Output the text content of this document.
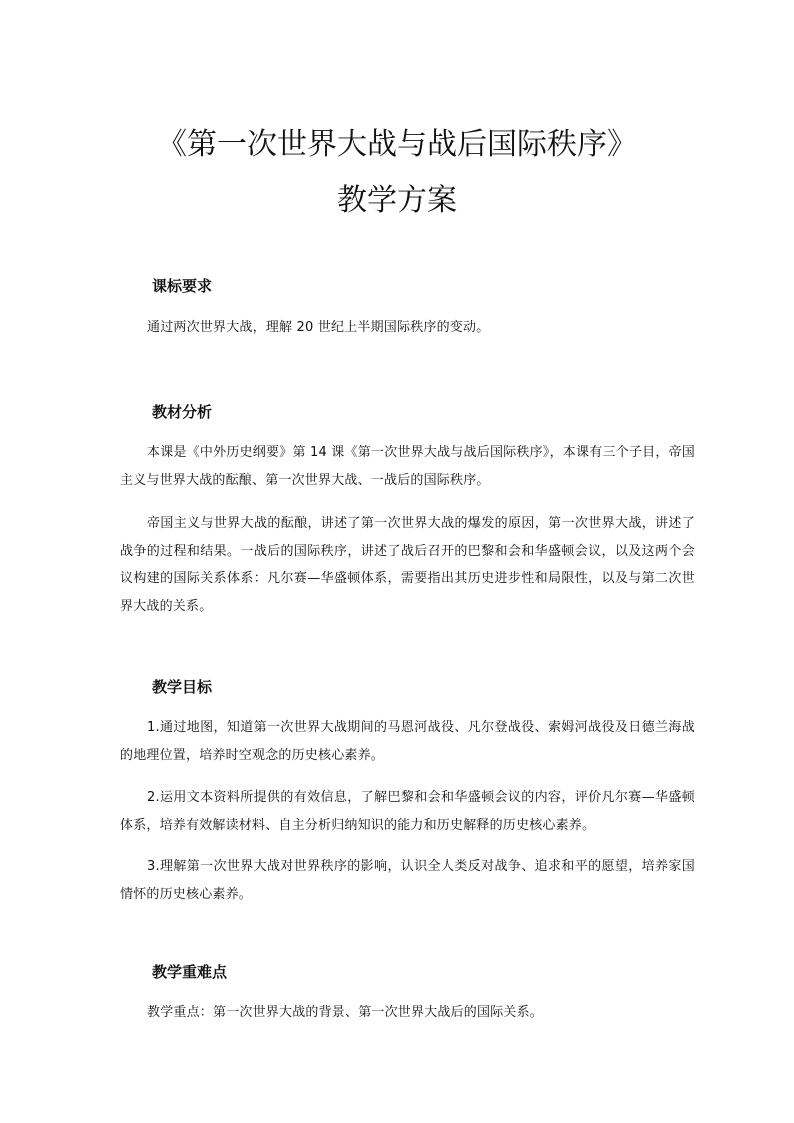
《第一次世界大战与战后国际秩序》
教学方案
课标要求

通过两次世界大战，理解 20 世纪上半期国际秩序的变动。

教材分析

本课是《中外历史纲要》第 14 课《第一次世界大战与战后国际秩序》，本课有三个子目，帝国主义与世界大战的酝酿、第一次世界大战、一战后的国际秩序。

帝国主义与世界大战的酝酿，讲述了第一次世界大战的爆发的原因，第一次世界大战，讲述了战争的过程和结果。一战后的国际秩序，讲述了战后召开的巴黎和会和华盛顿会议，以及这两个会议构建的国际关系体系：凡尔赛—华盛顿体系，需要指出其历史进步性和局限性，以及与第二次世界大战的关系。

教学目标

1.通过地图，知道第一次世界大战期间的马恩河战役、凡尔登战役、索姆河战役及日德兰海战的地理位置，培养时空观念的历史核心素养。

2.运用文本资料所提供的有效信息，了解巴黎和会和华盛顿会议的内容，评价凡尔赛—华盛顿体系，培养有效解读材料、自主分析归纳知识的能力和历史解释的历史核心素养。

3.理解第一次世界大战对世界秩序的影响，认识全人类反对战争、追求和平的愿望，培养家国情怀的历史核心素养。

教学重难点

教学重点：第一次世界大战的背景、第一次世界大战后的国际关系。
